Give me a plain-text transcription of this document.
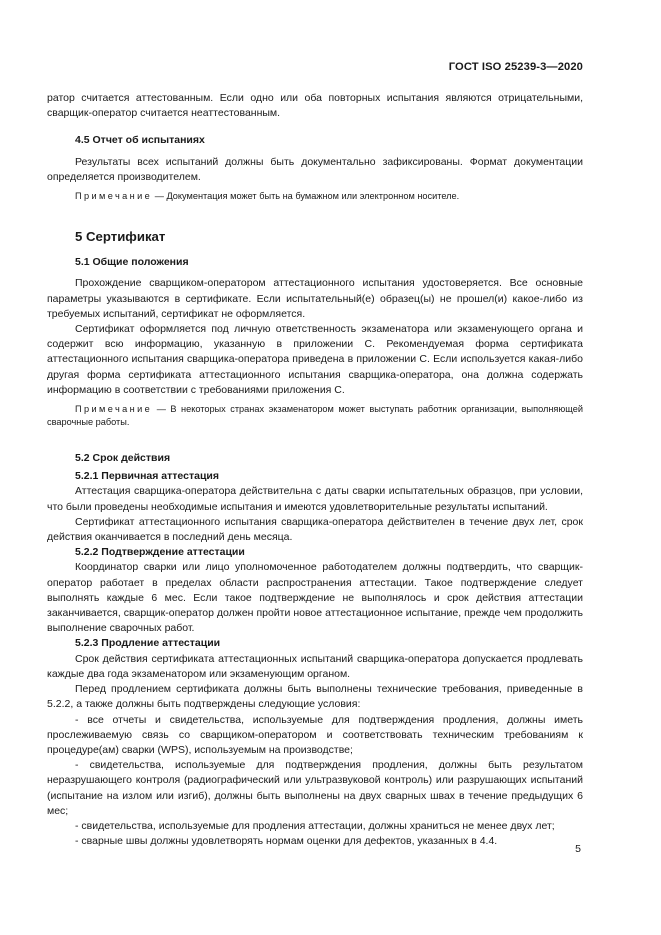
ГОСТ ISO 25239-3—2020

ратор считается аттестованным. Если одно или оба повторных испытания являются отрицательными, сварщик-оператор считается неаттестованным.

4.5 Отчет об испытаниях

Результаты всех испытаний должны быть документально зафиксированы. Формат документации определяется производителем.

Примечание — Документация может быть на бумажном или электронном носителе.

5 Сертификат

5.1 Общие положения

Прохождение сварщиком-оператором аттестационного испытания удостоверяется. Все основные параметры указываются в сертификате. Если испытательный(е) образец(ы) не прошел(и) какое-либо из требуемых испытаний, сертификат не оформляется.

Сертификат оформляется под личную ответственность экзаменатора или экзаменующего органа и содержит всю информацию, указанную в приложении С. Рекомендуемая форма сертификата аттестационного испытания сварщика-оператора приведена в приложении С. Если используется какая-либо другая форма сертификата аттестационного испытания сварщика-оператора, она должна содержать информацию в соответствии с требованиями приложения С.

Примечание — В некоторых странах экзаменатором может выступать работник организации, выполняющей сварочные работы.

5.2 Срок действия

5.2.1 Первичная аттестация

Аттестация сварщика-оператора действительна с даты сварки испытательных образцов, при условии, что были проведены необходимые испытания и имеются удовлетворительные результаты испытаний.

Сертификат аттестационного испытания сварщика-оператора действителен в течение двух лет, срок действия оканчивается в последний день месяца.

5.2.2 Подтверждение аттестации

Координатор сварки или лицо уполномоченное работодателем должны подтвердить, что сварщик-оператор работает в пределах области распространения аттестации. Такое подтверждение следует выполнять каждые 6 мес. Если такое подтверждение не выполнялось и срок действия аттестации заканчивается, сварщик-оператор должен пройти новое аттестационное испытание, прежде чем продолжить выполнение сварочных работ.

5.2.3 Продление аттестации

Срок действия сертификата аттестационных испытаний сварщика-оператора допускается продлевать каждые два года экзаменатором или экзаменующим органом.

Перед продлением сертификата должны быть выполнены технические требования, приведенные в 5.2.2, а также должны быть подтверждены следующие условия:

- все отчеты и свидетельства, используемые для подтверждения продления, должны иметь прослеживаемую связь со сварщиком-оператором и соответствовать техническим требованиям к процедуре(ам) сварки (WPS), используемым на производстве;

- свидетельства, используемые для подтверждения продления, должны быть результатом неразрушающего контроля (радиографический или ультразвуковой контроль) или разрушающих испытаний (испытание на излом или изгиб), должны быть выполнены на двух сварных швах в течение предыдущих 6 мес;

- свидетельства, используемые для продления аттестации, должны храниться не менее двух лет;

- сварные швы должны удовлетворять нормам оценки для дефектов, указанных в 4.4.

5
